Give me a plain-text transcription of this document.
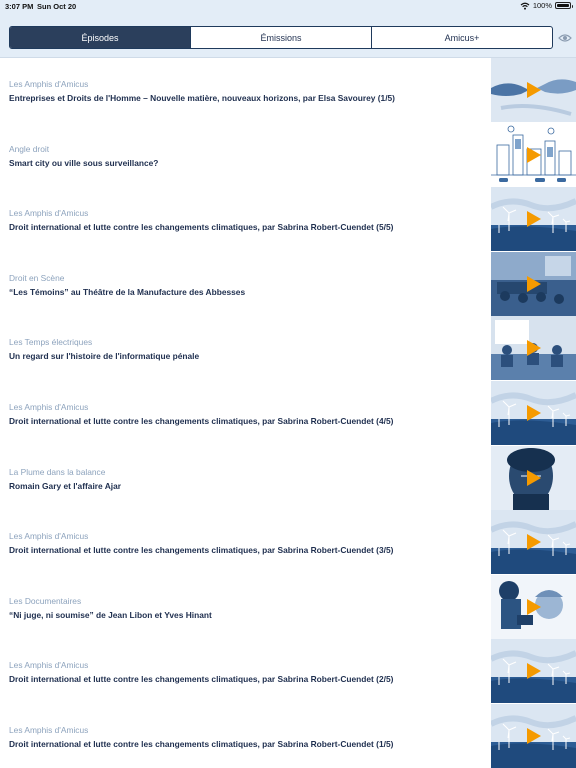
3:07 PM Sun Oct 20	100%
Épisodes	Émissions	Amicus+
Les Amphis d'Amicus
Entreprises et Droits de l'Homme – Nouvelle matière, nouveaux horizons, par Elsa Savourey (1/5)
Angle droit
Smart city ou ville sous surveillance?
Les Amphis d'Amicus
Droit international et lutte contre les changements climatiques, par Sabrina Robert-Cuendet (5/5)
Droit en Scène
“Les Témoins” au Théâtre de la Manufacture des Abbesses
Les Temps électriques
Un regard sur l'histoire de l'informatique pénale
Les Amphis d'Amicus
Droit international et lutte contre les changements climatiques, par Sabrina Robert-Cuendet (4/5)
La Plume dans la balance
Romain Gary et l'affaire Ajar
Les Amphis d'Amicus
Droit international et lutte contre les changements climatiques, par Sabrina Robert-Cuendet (3/5)
Les Documentaires
“Ni juge, ni soumise” de Jean Libon et Yves Hinant
Les Amphis d'Amicus
Droit international et lutte contre les changements climatiques, par Sabrina Robert-Cuendet (2/5)
Les Amphis d'Amicus
Droit international et lutte contre les changements climatiques, par Sabrina Robert-Cuendet (1/5)
